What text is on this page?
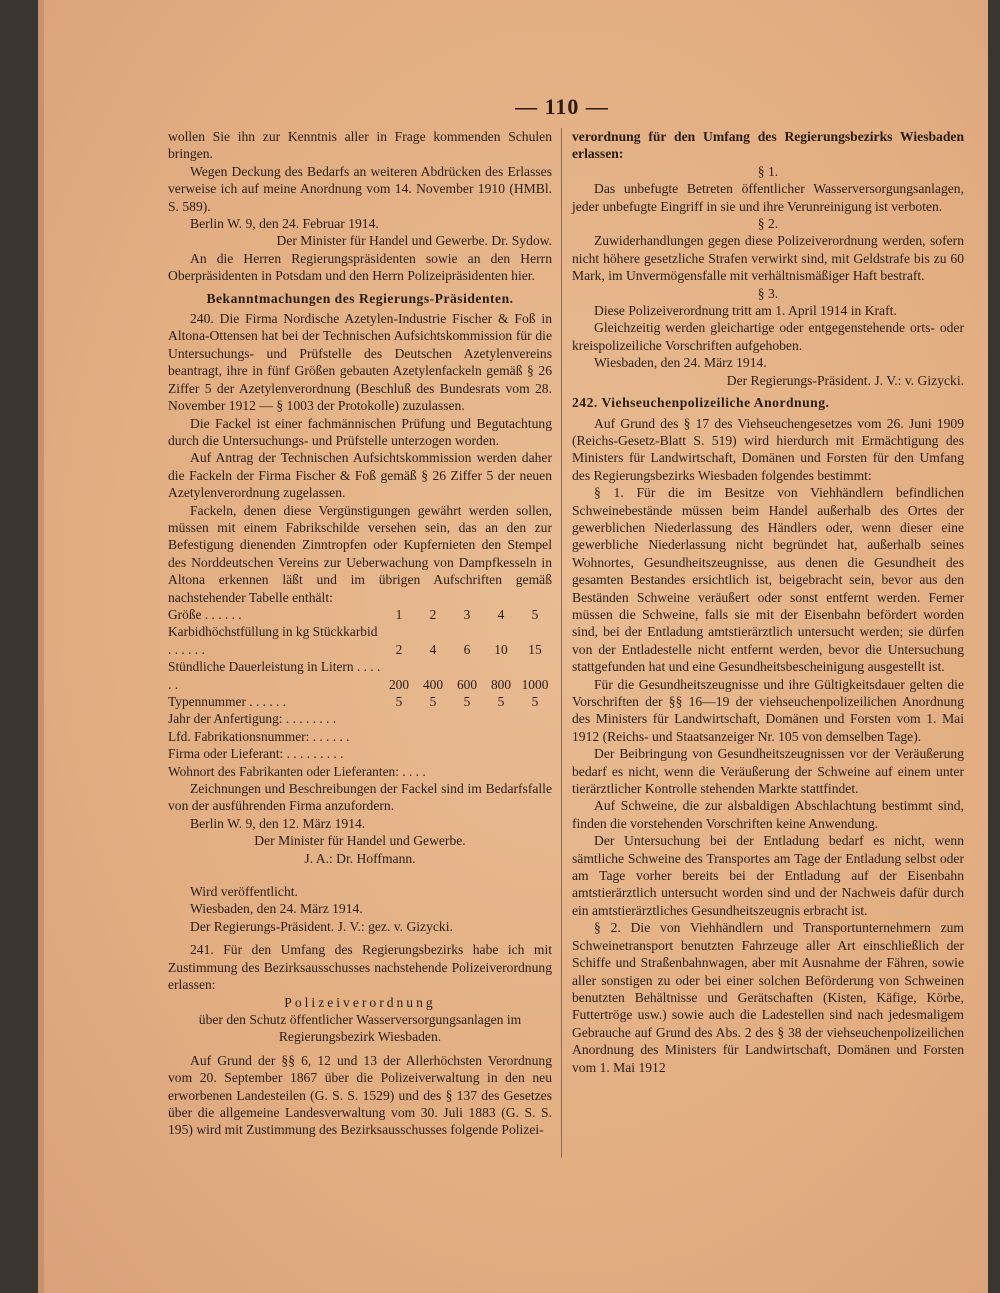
— 110 —

wollen Sie ihn zur Kenntnis aller in Frage kommenden Schulen bringen.

Wegen Deckung des Bedarfs an weiteren Abdrücken des Erlasses verweise ich auf meine Anordnung vom 14. November 1910 (HMBl. S. 589).

Berlin W. 9, den 24. Februar 1914.

Der Minister für Handel und Gewerbe. Dr. Sydow.

An die Herren Regierungspräsidenten sowie an den Herrn Oberpräsidenten in Potsdam und den Herrn Polizeipräsidenten hier.

Bekanntmachungen des Regierungs-Präsidenten.

240. Die Firma Nordische Azetylen-Industrie Fischer & Foß in Altona-Ottensen hat bei der Technischen Aufsichtskommission für die Untersuchungs- und Prüfstelle des Deutschen Azetylenvereins beantragt, ihre in fünf Größen gebauten Azetylenfackeln gemäß § 26 Ziffer 5 der Azetylenverordnung (Beschluß des Bundesrats vom 28. November 1912 — § 1003 der Protokolle) zuzulassen.

Die Fackel ist einer fachmännischen Prüfung und Begutachtung durch die Untersuchungs- und Prüfstelle unterzogen worden.

Auf Antrag der Technischen Aufsichtskommission werden daher die Fackeln der Firma Fischer & Foß gemäß § 26 Ziffer 5 der neuen Azetylenverordnung zugelassen.

Fackeln, denen diese Vergünstigungen gewährt werden sollen, müssen mit einem Fabrikschilde versehen sein, das an den zur Befestigung dienenden Zinntropfen oder Kupfernieten den Stempel des Norddeutschen Vereins zur Ueberwachung von Dampfkesseln in Altona erkennen läßt und im übrigen Aufschriften gemäß nachstehender Tabelle enthält:

Größe . . . . . .	1	2	3	4	5
Karbidhöchstfüllung in kg Stückkarbid . . . . . .	2	4	6	10	15
Stündliche Dauerleistung in Litern . . . . . .	200	400	600	800	1000
Typennummer . . . . . .	5	5	5	5	5
Jahr der Anfertigung: . . . . . . . .					
Lfd. Fabrikationsnummer: . . . . . .					
Firma oder Lieferant: . . . . . . . . .					
Wohnort des Fabrikanten oder Lieferanten: . . . .					

Zeichnungen und Beschreibungen der Fackel sind im Bedarfsfalle von der ausführenden Firma anzufordern.

Berlin W. 9, den 12. März 1914.

Der Minister für Handel und Gewerbe.

J. A.: Dr. Hoffmann.

Wird veröffentlicht.

Wiesbaden, den 24. März 1914.

Der Regierungs-Präsident. J. V.: gez. v. Gizycki.

241. Für den Umfang des Regierungsbezirks habe ich mit Zustimmung des Bezirksausschusses nachstehende Polizeiverordnung erlassen:

Polizeiverordnung

über den Schutz öffentlicher Wasserversorgungsanlagen im Regierungsbezirk Wiesbaden.

Auf Grund der §§ 6, 12 und 13 der Allerhöchsten Verordnung vom 20. September 1867 über die Polizeiverwaltung in den neu erworbenen Landesteilen (G. S. S. 1529) und des § 137 des Gesetzes über die allgemeine Landesverwaltung vom 30. Juli 1883 (G. S. S. 195) wird mit Zustimmung des Bezirksausschusses folgende Polizei-

verordnung für den Umfang des Regierungsbezirks Wiesbaden erlassen:

§ 1.

Das unbefugte Betreten öffentlicher Wasserversorgungsanlagen, jeder unbefugte Eingriff in sie und ihre Verunreinigung ist verboten.

§ 2.

Zuwiderhandlungen gegen diese Polizeiverordnung werden, sofern nicht höhere gesetzliche Strafen verwirkt sind, mit Geldstrafe bis zu 60 Mark, im Unvermögensfalle mit verhältnismäßiger Haft bestraft.

§ 3.

Diese Polizeiverordnung tritt am 1. April 1914 in Kraft.

Gleichzeitig werden gleichartige oder entgegenstehende orts- oder kreispolizeiliche Vorschriften aufgehoben.

Wiesbaden, den 24. März 1914.

Der Regierungs-Präsident. J. V.: v. Gizycki.

242. Viehseuchenpolizeiliche Anordnung.

Auf Grund des § 17 des Viehseuchengesetzes vom 26. Juni 1909 (Reichs-Gesetz-Blatt S. 519) wird hierdurch mit Ermächtigung des Ministers für Landwirtschaft, Domänen und Forsten für den Umfang des Regierungsbezirks Wiesbaden folgendes bestimmt:

§ 1. Für die im Besitze von Viehhändlern befindlichen Schweinebestände müssen beim Handel außerhalb des Ortes der gewerblichen Niederlassung des Händlers oder, wenn dieser eine gewerbliche Niederlassung nicht begründet hat, außerhalb seines Wohnortes, Gesundheitszeugnisse, aus denen die Gesundheit des gesamten Bestandes ersichtlich ist, beigebracht sein, bevor aus den Beständen Schweine veräußert oder sonst entfernt werden. Ferner müssen die Schweine, falls sie mit der Eisenbahn befördert worden sind, bei der Entladung amtstierärztlich untersucht werden; sie dürfen von der Entladestelle nicht entfernt werden, bevor die Untersuchung stattgefunden hat und eine Gesundheitsbescheinigung ausgestellt ist.

Für die Gesundheitszeugnisse und ihre Gültigkeitsdauer gelten die Vorschriften der §§ 16—19 der viehseuchenpolizeilichen Anordnung des Ministers für Landwirtschaft, Domänen und Forsten vom 1. Mai 1912 (Reichs- und Staatsanzeiger Nr. 105 von demselben Tage).

Der Beibringung von Gesundheitszeugnissen vor der Veräußerung bedarf es nicht, wenn die Veräußerung der Schweine auf einem unter tierärztlicher Kontrolle stehenden Markte stattfindet.

Auf Schweine, die zur alsbaldigen Abschlachtung bestimmt sind, finden die vorstehenden Vorschriften keine Anwendung.

Der Untersuchung bei der Entladung bedarf es nicht, wenn sämtliche Schweine des Transportes am Tage der Entladung selbst oder am Tage vorher bereits bei der Entladung auf der Eisenbahn amtstierärztlich untersucht worden sind und der Nachweis dafür durch ein amtstierärztliches Gesundheitszeugnis erbracht ist.

§ 2. Die von Viehhändlern und Transportunternehmern zum Schweinetransport benutzten Fahrzeuge aller Art einschließlich der Schiffe und Straßenbahnwagen, aber mit Ausnahme der Fähren, sowie aller sonstigen zu oder bei einer solchen Beförderung von Schweinen benutzten Behältnisse und Gerätschaften (Kisten, Käfige, Körbe, Futtertröge usw.) sowie auch die Ladestellen sind nach jedesmaligem Gebrauche auf Grund des Abs. 2 des § 38 der viehseuchenpolizeilichen Anordnung des Ministers für Landwirtschaft, Domänen und Forsten vom 1. Mai 1912
